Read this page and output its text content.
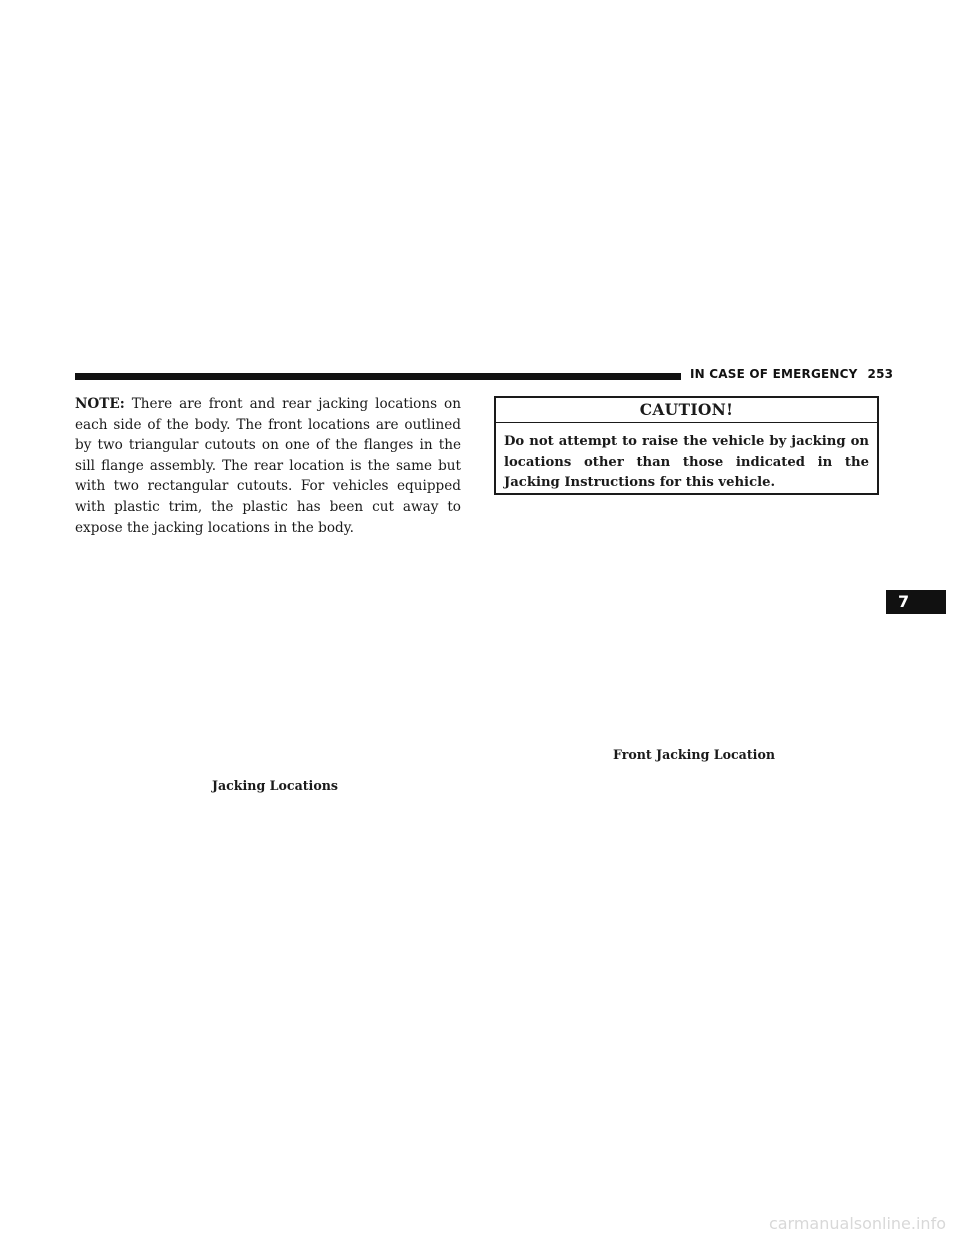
IN CASE OF EMERGENCY 253
NOTE: There are front and rear jacking locations on each side of the body. The front locations are outlined by two triangular cutouts on one of the flanges in the sill flange assembly. The rear location is the same but with two rectangular cutouts. For vehicles equipped with plastic trim, the plastic has been cut away to expose the jacking locations in the body.
CAUTION!
Do not attempt to raise the vehicle by jacking on locations other than those indicated in the Jacking Instructions for this vehicle.
Front Jacking Location
Jacking Locations
7
carmanualsonline.info
